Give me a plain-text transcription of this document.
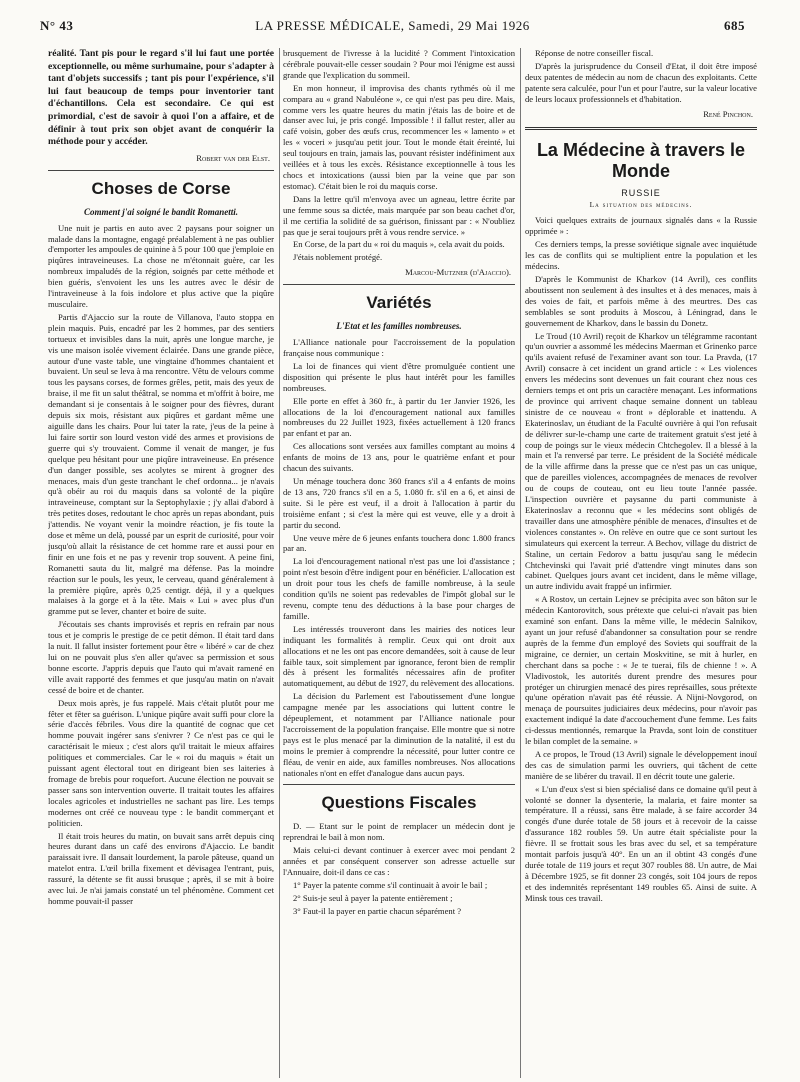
N° 43	LA PRESSE MÉDICALE, Samedi, 29 Mai 1926	685

réalité. Tant pis pour le regard s'il lui faut une portée exceptionnelle, ou même surhumaine, pour s'adapter à tant d'objets successifs ; tant pis pour l'expérience, s'il lui faut beaucoup de temps pour inventorier tant d'échantillons. Cela est secondaire. Ce qui est primordial, c'est de savoir à quoi l'on a affaire, et de définir à tout prix son objet avant de conquérir la méthode pour y accéder.

Robert van der Elst.

Choses de Corse
Comment j'ai soigné le bandit Romanetti.

Une nuit je partis en auto avec 2 paysans pour soigner un malade dans la montagne, engagé préalablement à ne pas oublier d'emporter les ampoules de quinine à 5 pour 100 que j'emploie en piqûres intraveineuses. La chose ne m'étonnait guère, car les nombreux impaludés de la région, soignés par cette méthode et bien guéris, s'envoient les uns les autres avec le désir de l'intraveineuse à la fois indolore et plus active que la piqûre musculaire.

Partis d'Ajaccio sur la route de Villanova, l'auto stoppa en plein maquis. Puis, encadré par les 2 hommes, par des sentiers tortueux et invisibles dans la nuit, après une longue marche, je vis une maison isolée vivement éclairée. Dans une grande pièce, autour d'une vaste table, une vingtaine d'hommes chantaient et buvaient. Un seul se leva à ma rencontre. Vêtu de velours comme tous les paysans corses, de formes grêles, petit, mais des yeux de braise, il me fit un salut théâtral, se nomma et m'offrit à boire, me demandant si je consentais à le soigner pour des fièvres, durant depuis six mois, résistant aux piqûres et gardant même une aiguille dans les chairs. Pour lui tater la rate, j'eus de la peine à lui faire sortir son lourd veston vidé des armes et provisions de guerre qui s'y trouvaient. Comme il venait de manger, je fus quelque peu hésitant pour une piqûre intraveineuse. En présence d'un danger possible, ses acolytes se mirent à grogner des menaces, mais d'un geste tranchant le chef ordonna... je n'avais qu'à obéir au roi du maquis dans sa volonté de la piqûre intraveineuse, comptant sur la Septophylaxie ; j'y allai d'abord à très petites doses, redoutant le choc après un repas abondant, puis j'attendis. Ne voyant venir la moindre réaction, je fis toute la dose et même un delà, poussé par un esprit de curiosité, pour voir jusqu'où allait la résistance de cet homme rare et aussi pour en finir en une fois et ne pas y revenir trop souvent. A peine fini, Romanetti sauta du lit, malgré ma défense. Pas la moindre réaction sur le pouls, les yeux, le cerveau, quand généralement à la première piqûre, après 0,25 centigr. déjà, il y a quelques malaises à la gorge et à la tête. Mais « Lui » avec plus d'un gramme put se lever, chanter et boire de suite.

J'écoutais ses chants improvisés et repris en refrain par nous tous et je compris le prestige de ce petit démon. Il était tard dans la nuit. Il fallut insister fortement pour être « libéré » car de chez lui on ne pouvait plus s'en aller qu'avec sa permission et sous bonne escorte. J'appris depuis que l'auto qui m'avait ramené en ville avait rapporté des femmes et que jusqu'au matin on n'avait cessé de boire et de chanter.

Deux mois après, je fus rappelé. Mais c'était plutôt pour me fêter et fêter sa guérison. L'unique piqûre avait suffi pour clore la série d'accès fébriles. Vous dire la quantité de cognac que cet homme pouvait ingérer sans s'enivrer ? Ce n'est pas ce qui le caractérisait le mieux ; c'est alors qu'il traitait le mieux affaires politiques et commerciales. Car le « roi du maquis » était un puissant agent électoral tout en dirigeant bien ses laiteries à fromage de brebis pour roquefort. Aucune élection ne pouvait se passer sans son intervention ouverte. Il traitait toutes les affaires locales agricoles et industrielles ne sachant pas lire. Les temps modernes ont créé ce nouveau type : le bandit commerçant et politicien.

Il était trois heures du matin, on buvait sans arrêt depuis cinq heures durant dans un café des environs d'Ajaccio. Le bandit paraissait ivre. Il dansait lourdement, la parole pâteuse, quand un matelot entra. L'œil brilla fixement et dévisagea l'entrant, puis, rassuré, la détente se fit aussi brusque ; après, il se mit à boire avec lui. Je n'ai jamais constaté un tel phénomène. Comment cet homme pouvait-il passer

brusquement de l'ivresse à la lucidité ? Comment l'intoxication cérébrale pouvait-elle cesser soudain ? Pour moi l'énigme est aussi grande que l'explication du sommeil.

En mon honneur, il improvisa des chants rythmés où il me compara au « grand Nabuléone », ce qui n'est pas peu dire. Mais, comme vers les quatre heures du matin j'étais las de boire et de danser avec lui, je pris congé. Impossible ! il fallut rester, aller au café voisin, gober des œufs crus, recommencer les « lamento » et les « voceri » jusqu'au petit jour. Tout le monde était éreinté, lui seul toujours en train, jamais las, pouvant résister indéfiniment aux veillées et à tous les excès. Résistance exceptionnelle à tous les chocs et intoxications (aussi bien par la veine que par son estomac). C'était bien le roi du maquis corse.

Dans la lettre qu'il m'envoya avec un agneau, lettre écrite par une femme sous sa dictée, mais marquée par son beau cachet d'or, il me certifia la solidité de sa guérison, finissant par : « N'oubliez pas que je serai toujours prêt à vous rendre service. »

En Corse, de la part du « roi du maquis », cela avait du poids.

J'étais noblement protégé.

Marcou-Mutzner (d'Ajaccio).

Variétés
L'Etat et les familles nombreuses.

L'Alliance nationale pour l'accroissement de la population française nous communique :

La loi de finances qui vient d'être promulguée contient une disposition qui présente le plus haut intérêt pour les familles nombreuses.

Elle porte en effet à 360 fr., à partir du 1er Janvier 1926, les allocations de la loi d'encouragement national aux familles nombreuses du 22 Juillet 1923, fixées actuellement à 120 francs par enfant et par an.

Ces allocations sont versées aux familles comptant au moins 4 enfants de moins de 13 ans, pour le quatrième enfant et pour chacun des suivants.

Un ménage touchera donc 360 francs s'il a 4 enfants de moins de 13 ans, 720 francs s'il en a 5, 1.080 fr. s'il en a 6, et ainsi de suite. Si le père est veuf, il a droit à l'allocation à partir du troisième enfant ; si c'est la mère qui est veuve, elle y a droit à partir du second.

Une veuve mère de 6 jeunes enfants touchera donc 1.800 francs par an.

La loi d'encouragement national n'est pas une loi d'assistance ; point n'est besoin d'être indigent pour en bénéficier. L'allocation est un droit pour tous les chefs de famille nombreuse, à la seule condition qu'ils ne soient pas redevables de l'impôt global sur le revenu, compte tenu des déductions à la base pour charges de famille.

Les intéressés trouveront dans les mairies des notices leur indiquant les formalités à remplir. Ceux qui ont droit aux allocations et ne les ont pas encore demandées, soit à cause de leur faible taux, soit simplement par ignorance, feront bien de remplir dès à présent les formalités nécessaires afin de profiter automatiquement, au début de 1927, du relèvement des allocations.

La décision du Parlement est l'aboutissement d'une longue campagne menée par les associations qui luttent contre le dépeuplement, et notamment par l'Alliance nationale pour l'accroissement de la population française. Elle montre que si notre pays est le plus menacé par la diminution de la natalité, il est du moins le premier à comprendre la nécessité, pour lutter contre ce fléau, de venir en aide, aux familles nombreuses. Nos allocations nationales n'ont en effet d'analogue dans aucun pays.

Questions Fiscales

D. — Etant sur le point de remplacer un médecin dont je reprendrai le bail à mon nom.

Mais celui-ci devant continuer à exercer avec moi pendant 2 années et par conséquent conserver son adresse actuelle sur l'Annuaire, doit-il dans ce cas :

1° Payer la patente comme s'il continuait à avoir le bail ;

2° Suis-je seul à payer la patente entièrement ;

3° Faut-il la payer en partie chacun séparément ?

Réponse de notre conseiller fiscal.

D'après la jurisprudence du Conseil d'Etat, il doit être imposé deux patentes de médecin au nom de chacun des exploitants. Cette patente sera calculée, pour l'un et pour l'autre, sur la valeur locative de leurs locaux professionnels et d'habitation.

René Pinchon.

La Médecine à travers le Monde
RUSSIE
La situation des médecins.

Voici quelques extraits de journaux signalés dans « la Russie opprimée » :

Ces derniers temps, la presse soviétique signale avec inquiétude les cas de conflits qui se multiplient entre la population et les médecins.

D'après le Kommunist de Kharkov (14 Avril), ces conflits aboutissent non seulement à des insultes et à des menaces, mais à des voies de fait, et parfois même à des meurtres. Des cas semblables se sont produits à Moscou, à Léningrad, dans le gouvernement de Kharkov, dans le bassin du Donetz.

Le Troud (10 Avril) reçoit de Kharkov un télégramme racontant qu'un ouvrier a assommé les médecins Maerman et Grinenko parce qu'ils avaient refusé de l'examiner avant son tour. La Pravda, (17 Avril) consacre à cet incident un grand article : « Les violences envers les médecins sont devenues un fait courant chez nous ces derniers temps et ont pris un caractère menaçant. Les informations de province qui arrivent chaque semaine donnent un tableau sinistre de ce nouveau « front » déplorable et inattendu. A Ekaterinoslav, un étudiant de la Faculté ouvrière à qui l'on refusait de délivrer sur-le-champ une carte de traitement gratuit s'est jeté à coup de poings sur le vieux médecin Chtchegolev. Il a blessé à la main et l'a renversé par terre. Le président de la Société médicale de la ville affirme dans la presse que ce n'est pas un cas unique, que de pareilles violences, accompagnées de menaces de revolver ou de coups de couteau, ont eu lieu toute l'année passée. L'inspection ouvrière et paysanne du parti communiste à Ekaterinoslav a reconnu que « les médecins sont obligés de travailler dans une atmosphère pénible de menaces, d'insultes et de violences constantes ». On relève en outre que ce sont surtout les simulateurs qui exercent la terreur. A Bechov, village du district de Staline, un certain Fedorov a battu jusqu'au sang le médecin Chtchevinski qui l'avait prié d'attendre vingt minutes dans son cabinet. Quelques jours avant cet incident, dans le même village, un autre individu avait frappé un infirmier.

« A Rostov, un certain Lejnev se précipita avec son bâton sur le médecin Kantorovitch, sous prétexte que celui-ci n'avait pas bien examiné son enfant. Dans la même ville, le médecin Salnikov, ayant un jour refusé d'abandonner sa consultation pour se rendre auprès de la femme d'un employé des Soviets qui souffrait de la migraine, ce dernier, un certain Moskvitine, se mit à hurler, en cherchant dans sa poche : « Je te tuerai, fils de chienne ! ». A Vladivostok, les autorités durent prendre des mesures pour protéger un chirurgien menacé des pires représailles, sous prétexte qu'une opération n'avait pas été réussie. A Nijni-Novgorod, on menaça de poursuites judiciaires deux médecins, pour n'avoir pas exactement indiqué la date d'accouchement d'une femme. Les faits ci-dessus mentionnés, remarque la Pravda, sont loin de constituer le bilan complet de la semaine. »

A ce propos, le Troud (13 Avril) signale le développement inouï des cas de simulation parmi les ouvriers, qui tâchent de cette manière de se libérer du travail. Il en décrit toute une galerie.

« L'un d'eux s'est si bien spécialisé dans ce domaine qu'il peut à volonté se donner la dysenterie, la malaria, et faire monter sa température. Il a réussi, sans être malade, à se faire accorder 34 congés d'une durée totale de 58 jours et à recevoir de la caisse d'assurance 182 roubles 59. Un autre était spécialiste pour la fièvre. Il se frottait sous les bras avec du sel, et sa température montait parfois jusqu'à 40°. En un an il obtint 43 congés d'une durée totale de 119 jours et reçut 307 roubles 88. Un autre, de Mai à Décembre 1925, se fit donner 23 congés, soit 104 jours de repos et des indemnités représentant 149 roubles 65. Ainsi de suite. A Minsk tous ces travail.
